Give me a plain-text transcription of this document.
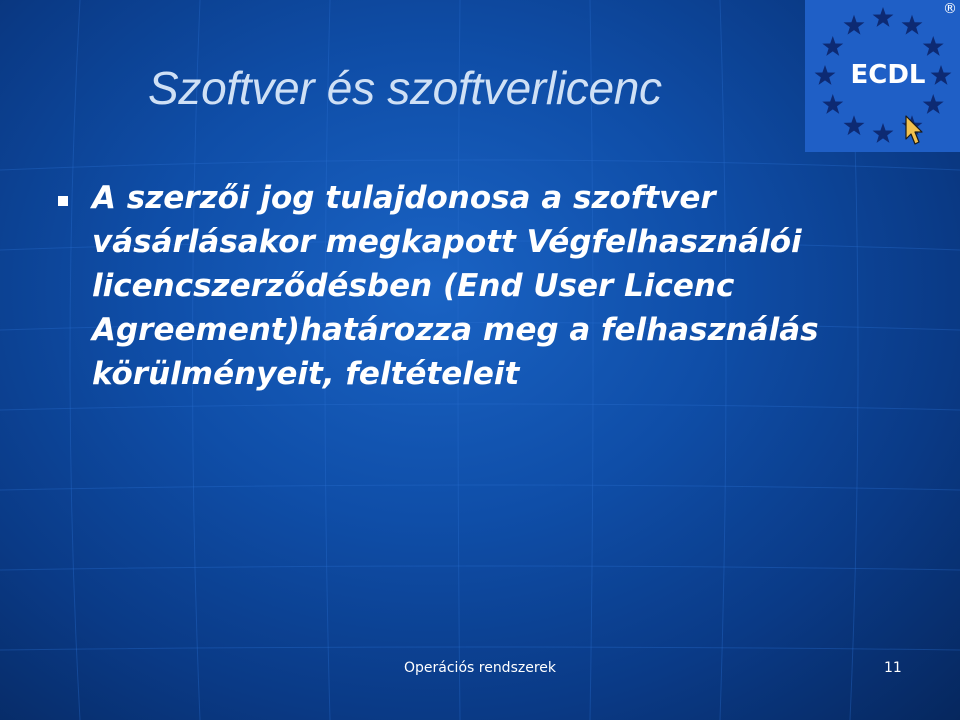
Szoftver és szoftverlicenc	ECDL
®

A szerzői jog tulajdonosa a szoftver vásárlásakor megkapott Végfelhasználói licencszerződésben (End User Licenc Agreement)határozza meg a felhasználás körülményeit, feltételeit

Operációs rendszerek	11
